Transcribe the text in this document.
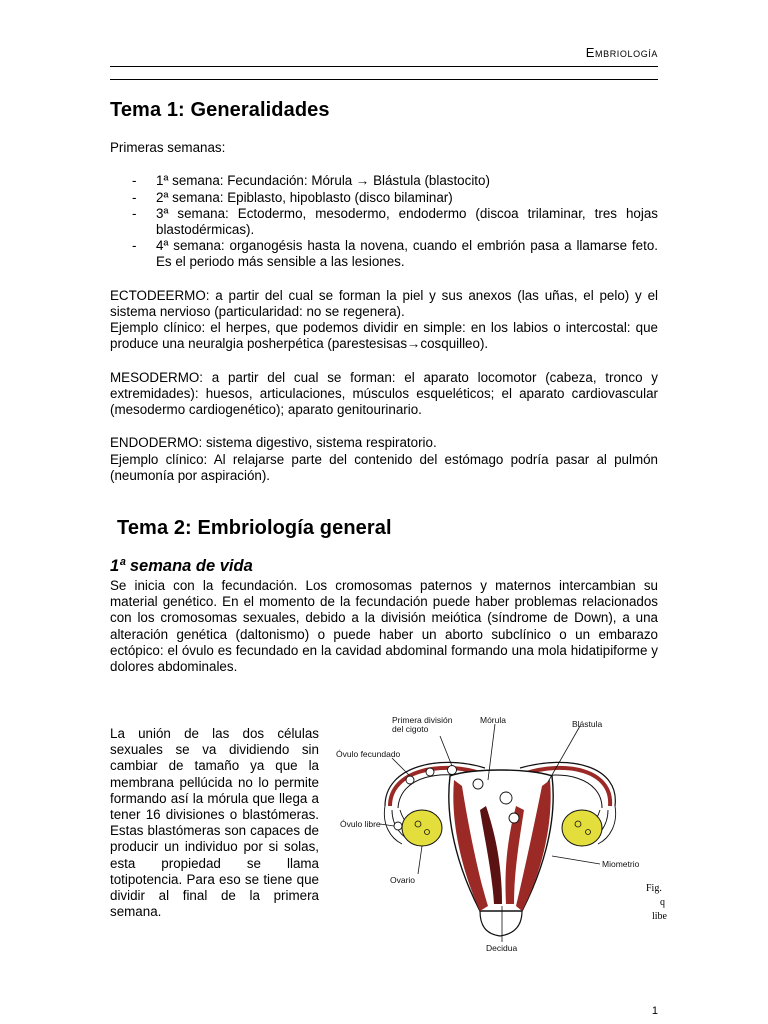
Embriología
Tema 1: Generalidades
Primeras semanas:
- 1ª semana: Fecundación: Mórula → Blástula (blastocito)
- 2ª semana: Epiblasto, hipoblasto (disco bilaminar)
- 3ª semana: Ectodermo, mesodermo, endodermo (discoa trilaminar, tres hojas blastodérmicas).
- 4ª semana: organogésis hasta la novena, cuando el embrión pasa a llamarse feto. Es el periodo más sensible a las lesiones.
ECTODEERMO: a partir del cual se forman la piel y sus anexos (las uñas, el pelo) y el sistema nervioso (particularidad: no se regenera).
Ejemplo clínico: el herpes, que podemos dividir en simple: en los labios o intercostal: que produce una neuralgia posherpética (parestesisas→cosquilleo).
MESODERMO: a partir del cual se forman: el aparato locomotor (cabeza, tronco y extremidades): huesos, articulaciones, músculos esqueléticos; el aparato cardiovascular (mesodermo cardiogenético); aparato genitourinario.
ENDODERMO: sistema digestivo, sistema respiratorio.
Ejemplo clínico: Al relajarse parte del contenido del estómago podría pasar al pulmón (neumonía por aspiración).
Tema 2: Embriología general
1ª semana de vida
Se inicia con la fecundación. Los cromosomas paternos y maternos intercambian su material genético. En el momento de la fecundación puede haber problemas relacionados con los cromosomas sexuales, debido a la división meiótica (síndrome de Down), a una alteración genética (daltonismo) o puede haber un aborto subclínico o un embarazo ectópico: el óvulo es fecundado en la cavidad abdominal formando una mola hidatipiforme y dolores abdominales.
La unión de las dos células sexuales se va dividiendo sin cambiar de tamaño ya que la membrana pellúcida no lo permite formando así la mórula que llega a tener 16 divisiones o blastómeras. Estas blastómeras son capaces de producir un individuo por si solas, esta propiedad se llama totipotencia. Para eso se tiene que dividir al final de la primera semana.
Primera división
del cigoto
Mórula	Blástula
Óvulo fecundado
Óvulo libre
Ovario
Miometrio
Decidua
Fig.
q
libe
1
